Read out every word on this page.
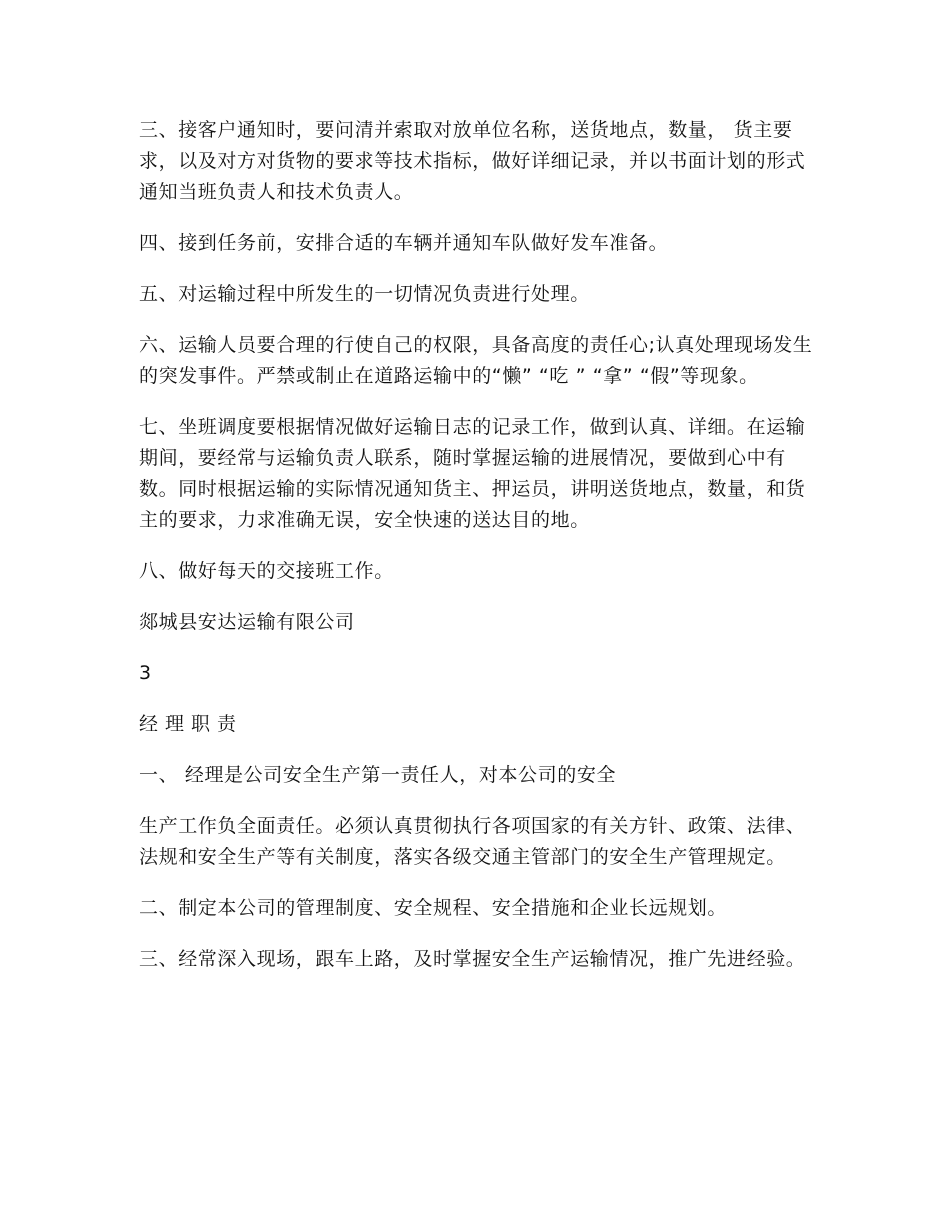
三、接客户通知时，要问清并索取对放单位名称，送货地点，数量， 货主要求，以及对方对货物的要求等技术指标，做好详细记录，并以书面计划的形式通知当班负责人和技术负责人。

四、接到任务前，安排合适的车辆并通知车队做好发车准备。

五、对运输过程中所发生的一切情况负责进行处理。

六、运输人员要合理的行使自己的权限，具备高度的责任心;认真处理现场发生的突发事件。严禁或制止在道路运输中的“懒” “吃 ” “拿” “假”等现象。

七、坐班调度要根据情况做好运输日志的记录工作，做到认真、详细。在运输期间，要经常与运输负责人联系，随时掌握运输的进展情况，要做到心中有数。同时根据运输的实际情况通知货主、押运员，讲明送货地点，数量，和货主的要求，力求准确无误，安全快速的送达目的地。

八、做好每天的交接班工作。

郯城县安达运输有限公司

3

经理职责

一、 经理是公司安全生产第一责任人，对本公司的安全

生产工作负全面责任。必须认真贯彻执行各项国家的有关方针、政策、法律、法规和安全生产等有关制度，落实各级交通主管部门的安全生产管理规定。

二、制定本公司的管理制度、安全规程、安全措施和企业长远规划。

三、经常深入现场，跟车上路，及时掌握安全生产运输情况，推广先进经验。
